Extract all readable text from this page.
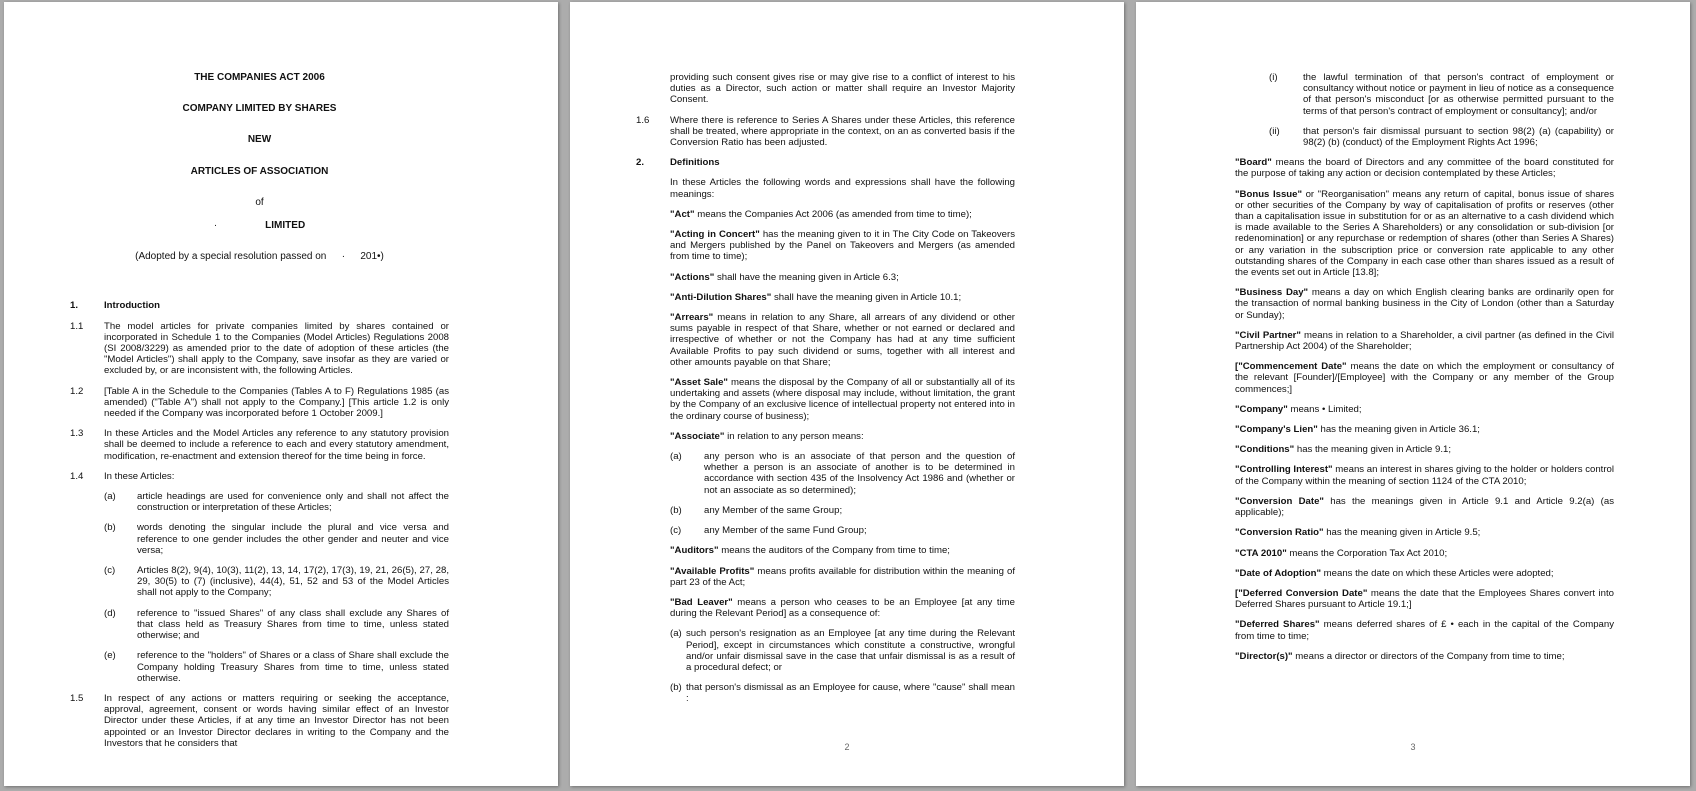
THE COMPANIES ACT 2006
COMPANY LIMITED BY SHARES
NEW
ARTICLES OF ASSOCIATION
of
·	LIMITED
(Adopted by a special resolution passed on · 201•)
1.	Introduction
1.1	The model articles for private companies limited by shares contained or incorporated in Schedule 1 to the Companies (Model Articles) Regulations 2008 (SI 2008/3229) as amended prior to the date of adoption of these articles (the "Model Articles") shall apply to the Company, save insofar as they are varied or excluded by, or are inconsistent with, the following Articles.
1.2	[Table A in the Schedule to the Companies (Tables A to F) Regulations 1985 (as amended) ("Table A") shall not apply to the Company.] [This article 1.2 is only needed if the Company was incorporated before 1 October 2009.]
1.3	In these Articles and the Model Articles any reference to any statutory provision shall be deemed to include a reference to each and every statutory amendment, modification, re-enactment and extension thereof for the time being in force.
1.4	In these Articles:
(a)	article headings are used for convenience only and shall not affect the construction or interpretation of these Articles;
(b)	words denoting the singular include the plural and vice versa and reference to one gender includes the other gender and neuter and vice versa;
(c)	Articles 8(2), 9(4), 10(3), 11(2), 13, 14, 17(2), 17(3), 19, 21, 26(5), 27, 28, 29, 30(5) to (7) (inclusive), 44(4), 51, 52 and 53 of the Model Articles shall not apply to the Company;
(d)	reference to "issued Shares" of any class shall exclude any Shares of that class held as Treasury Shares from time to time, unless stated otherwise; and
(e)	reference to the "holders" of Shares or a class of Share shall exclude the Company holding Treasury Shares from time to time, unless stated otherwise.
1.5	In respect of any actions or matters requiring or seeking the acceptance, approval, agreement, consent or words having similar effect of an Investor Director under these Articles, if at any time an Investor Director has not been appointed or an Investor Director declares in writing to the Company and the Investors that he considers that
providing such consent gives rise or may give rise to a conflict of interest to his duties as a Director, such action or matter shall require an Investor Majority Consent.
1.6	Where there is reference to Series A Shares under these Articles, this reference shall be treated, where appropriate in the context, on an as converted basis if the Conversion Ratio has been adjusted.
2.	Definitions
In these Articles the following words and expressions shall have the following meanings:
"Act" means the Companies Act 2006 (as amended from time to time);
"Acting in Concert" has the meaning given to it in The City Code on Takeovers and Mergers published by the Panel on Takeovers and Mergers (as amended from time to time);
"Actions" shall have the meaning given in Article 6.3;
"Anti-Dilution Shares" shall have the meaning given in Article 10.1;
"Arrears" means in relation to any Share, all arrears of any dividend or other sums payable in respect of that Share, whether or not earned or declared and irrespective of whether or not the Company has had at any time sufficient Available Profits to pay such dividend or sums, together with all interest and other amounts payable on that Share;
"Asset Sale" means the disposal by the Company of all or substantially all of its undertaking and assets (where disposal may include, without limitation, the grant by the Company of an exclusive licence of intellectual property not entered into in the ordinary course of business);
"Associate" in relation to any person means:
(a)	any person who is an associate of that person and the question of whether a person is an associate of another is to be determined in accordance with section 435 of the Insolvency Act 1986 and (whether or not an associate as so determined);
(b)	any Member of the same Group;
(c)	any Member of the same Fund Group;
"Auditors" means the auditors of the Company from time to time;
"Available Profits" means profits available for distribution within the meaning of part 23 of the Act;
"Bad Leaver" means a person who ceases to be an Employee [at any time during the Relevant Period] as a consequence of:
(a) such person's resignation as an Employee [at any time during the Relevant Period], except in circumstances which constitute a constructive, wrongful and/or unfair dismissal save in the case that unfair dismissal is as a result of a procedural defect; or
(b) that person's dismissal as an Employee for cause, where "cause" shall mean :
2
(i)	the lawful termination of that person's contract of employment or consultancy without notice or payment in lieu of notice as a consequence of that person's misconduct [or as otherwise permitted pursuant to the terms of that person's contract of employment or consultancy]; and/or
(ii)	that person's fair dismissal pursuant to section 98(2) (a) (capability) or 98(2) (b) (conduct) of the Employment Rights Act 1996;
"Board" means the board of Directors and any committee of the board constituted for the purpose of taking any action or decision contemplated by these Articles;
"Bonus Issue" or "Reorganisation" means any return of capital, bonus issue of shares or other securities of the Company by way of capitalisation of profits or reserves (other than a capitalisation issue in substitution for or as an alternative to a cash dividend which is made available to the Series A Shareholders) or any consolidation or sub-division [or redenomination] or any repurchase or redemption of shares (other than Series A Shares) or any variation in the subscription price or conversion rate applicable to any other outstanding shares of the Company in each case other than shares issued as a result of the events set out in Article [13.8];
"Business Day" means a day on which English clearing banks are ordinarily open for the transaction of normal banking business in the City of London (other than a Saturday or Sunday);
"Civil Partner" means in relation to a Shareholder, a civil partner (as defined in the Civil Partnership Act 2004) of the Shareholder;
["Commencement Date" means the date on which the employment or consultancy of the relevant [Founder]/[Employee] with the Company or any member of the Group commences;]
"Company" means • Limited;
"Company's Lien" has the meaning given in Article 36.1;
"Conditions" has the meaning given in Article 9.1;
"Controlling Interest" means an interest in shares giving to the holder or holders control of the Company within the meaning of section 1124 of the CTA 2010;
"Conversion Date" has the meanings given in Article 9.1 and Article 9.2(a) (as applicable);
"Conversion Ratio" has the meaning given in Article 9.5;
"CTA 2010" means the Corporation Tax Act 2010;
"Date of Adoption" means the date on which these Articles were adopted;
["Deferred Conversion Date" means the date that the Employees Shares convert into Deferred Shares pursuant to Article 19.1;]
"Deferred Shares" means deferred shares of £ • each in the capital of the Company from time to time;
"Director(s)" means a director or directors of the Company from time to time;
3
